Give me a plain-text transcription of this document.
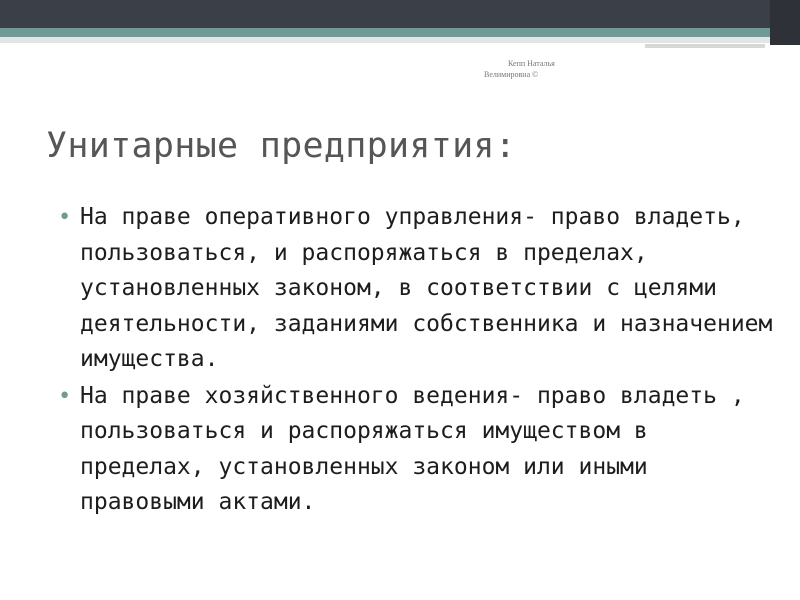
Кепп Наталья
Велимировна ©
Унитарные предприятия:
• На праве оперативного управления- право владеть, пользоваться, и распоряжаться в пределах, установленных законом, в соответствии с целями деятельности, заданиями собственника и назначением имущества.
• На праве хозяйственного ведения- право владеть , пользоваться и распоряжаться имуществом в пределах, установленных законом или иными правовыми актами.
